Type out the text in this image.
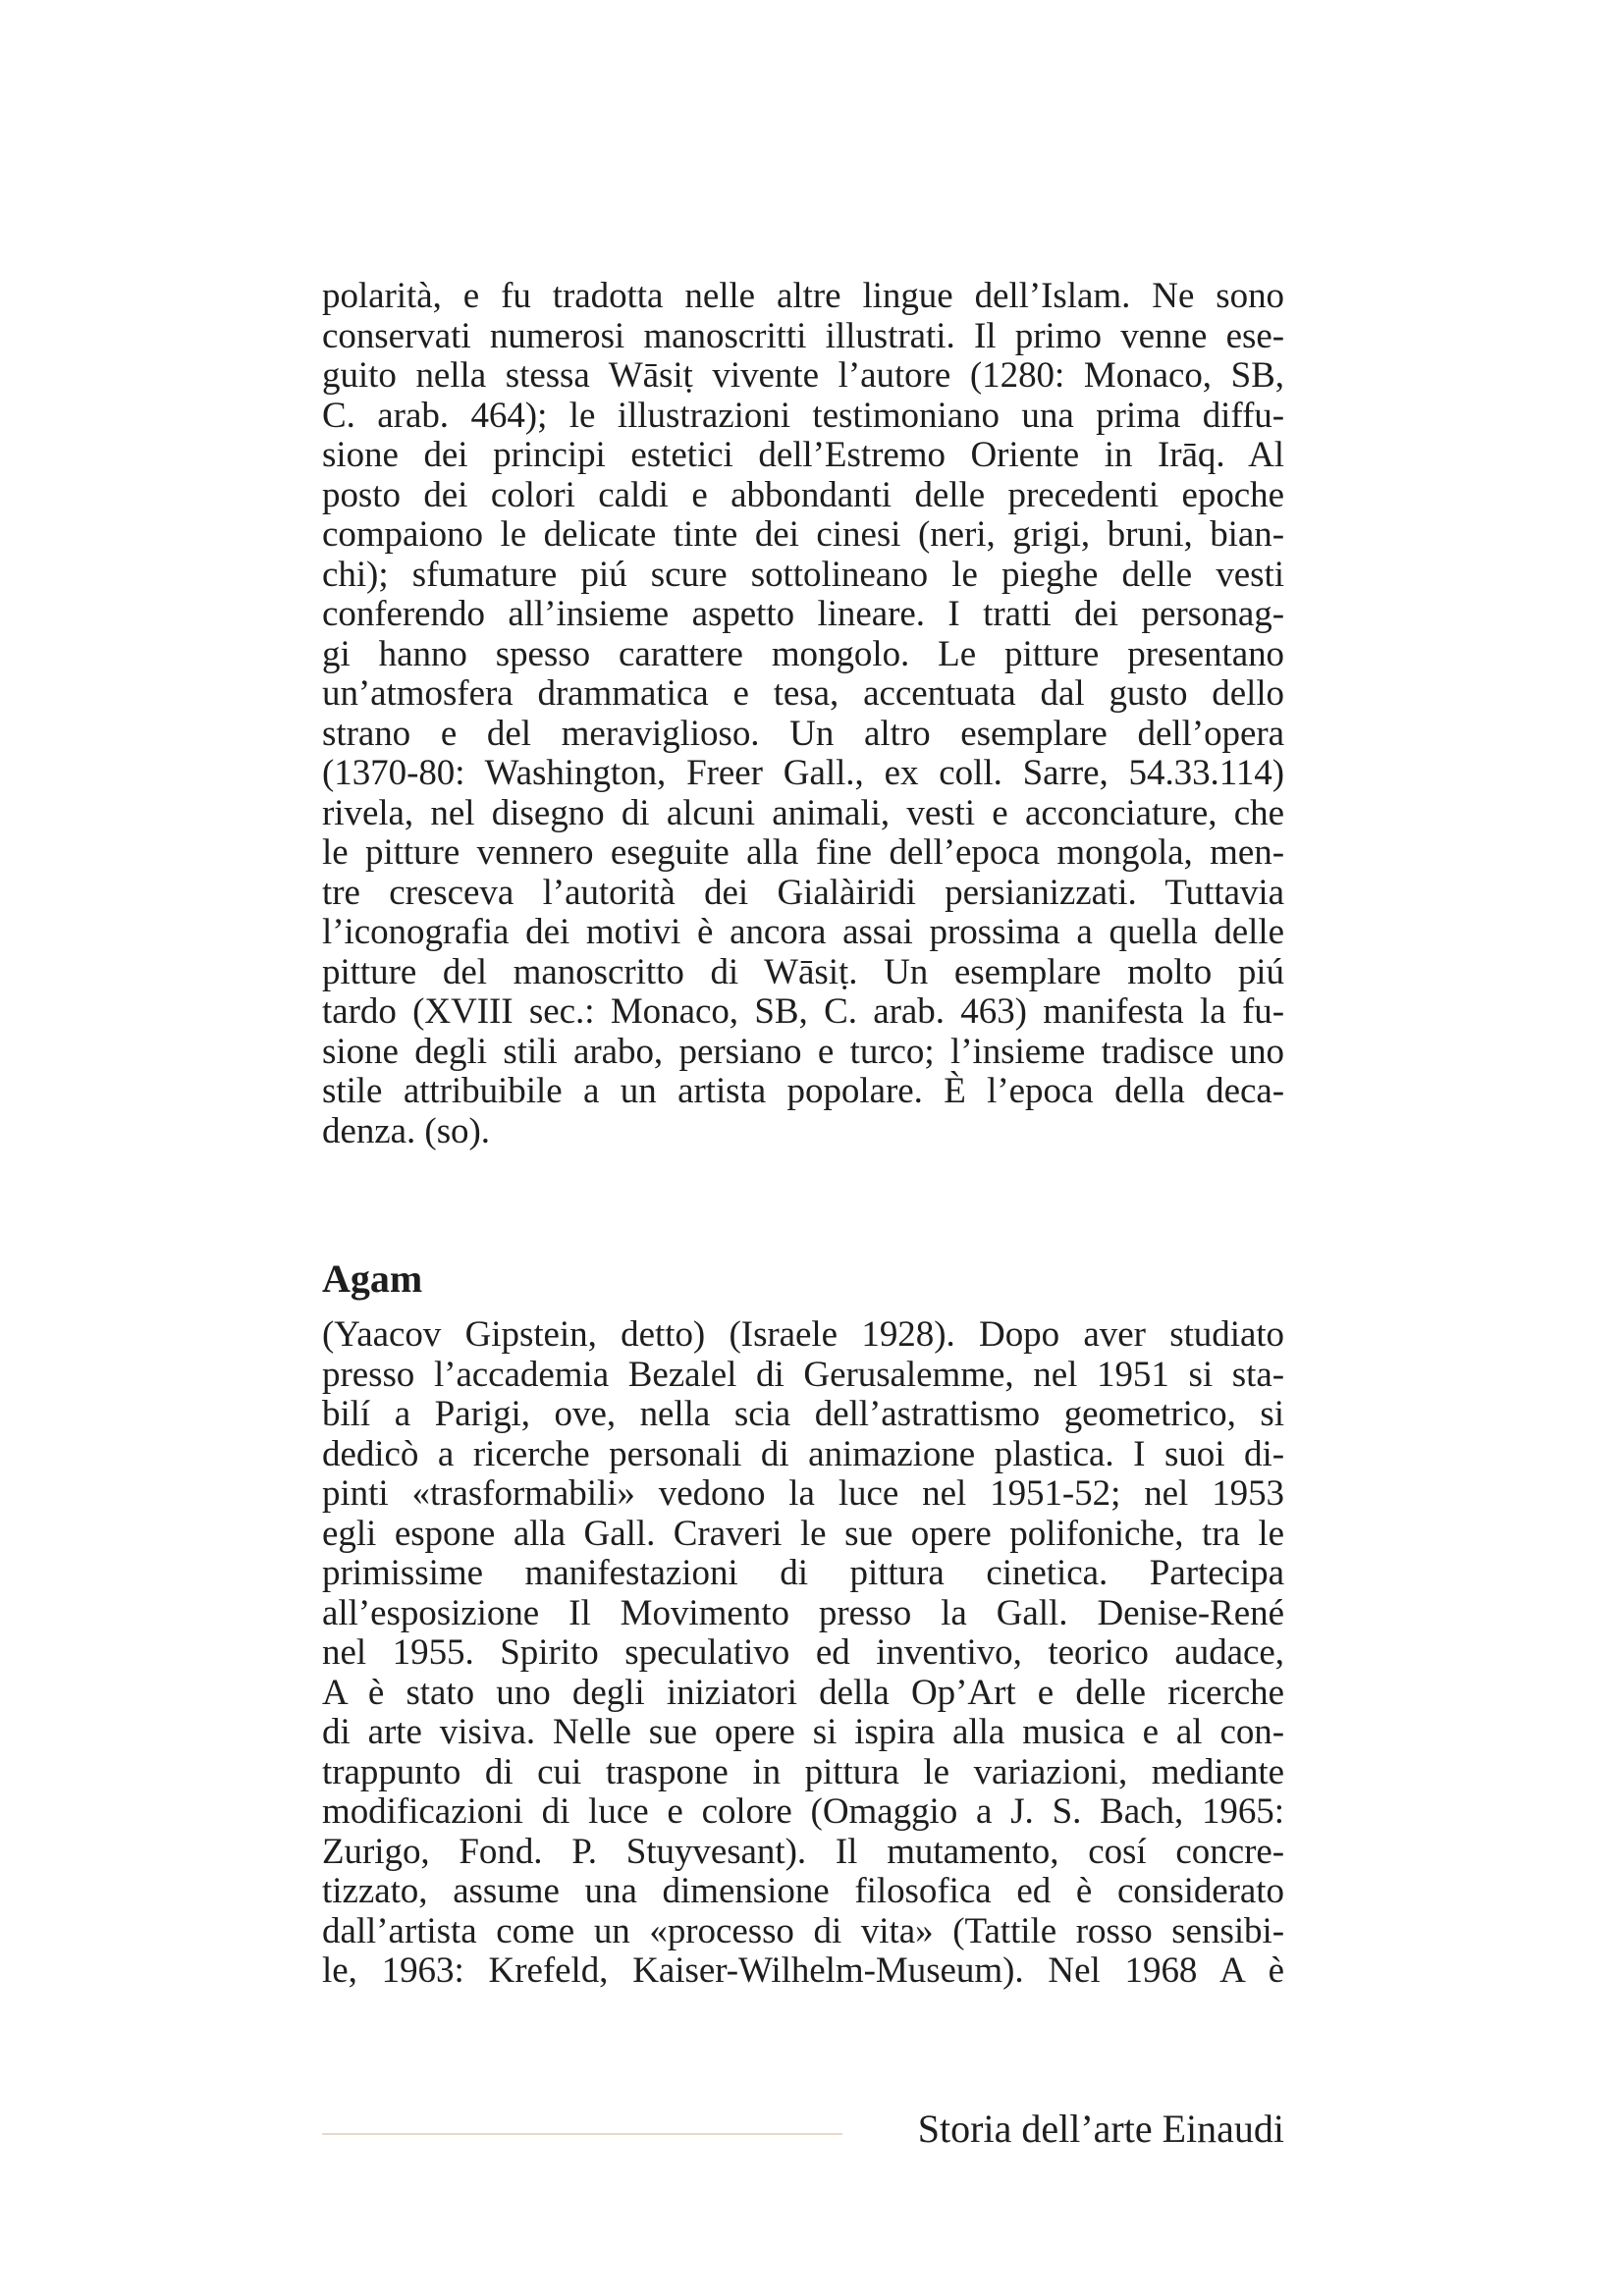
polarità, e fu tradotta nelle altre lingue dell’Islam. Ne sono
conservati numerosi manoscritti illustrati. Il primo venne ese-
guito nella stessa Wāsiṭ vivente l’autore (1280: Monaco, SB,
C. arab. 464); le illustrazioni testimoniano una prima diffu-
sione dei principi estetici dell’Estremo Oriente in Irāq. Al
posto dei colori caldi e abbondanti delle precedenti epoche
compaiono le delicate tinte dei cinesi (neri, grigi, bruni, bian-
chi); sfumature piú scure sottolineano le pieghe delle vesti
conferendo all’insieme aspetto lineare. I tratti dei personag-
gi hanno spesso carattere mongolo. Le pitture presentano
un’atmosfera drammatica e tesa, accentuata dal gusto dello
strano e del meraviglioso. Un altro esemplare dell’opera
(1370-80: Washington, Freer Gall., ex coll. Sarre, 54.33.114)
rivela, nel disegno di alcuni animali, vesti e acconciature, che
le pitture vennero eseguite alla fine dell’epoca mongola, men-
tre cresceva l’autorità dei Gialàiridi persianizzati. Tuttavia
l’iconografia dei motivi è ancora assai prossima a quella delle
pitture del manoscritto di Wāsiṭ. Un esemplare molto piú
tardo (XVIII sec.: Monaco, SB, C. arab. 463) manifesta la fu-
sione degli stili arabo, persiano e turco; l’insieme tradisce uno
stile attribuibile a un artista popolare. È l’epoca della deca-
denza. (so).
Agam
(Yaacov Gipstein, detto) (Israele 1928). Dopo aver studiato
presso l’accademia Bezalel di Gerusalemme, nel 1951 si sta-
bilí a Parigi, ove, nella scia dell’astrattismo geometrico, si
dedicò a ricerche personali di animazione plastica. I suoi di-
pinti «trasformabili» vedono la luce nel 1951-52; nel 1953
egli espone alla Gall. Craveri le sue opere polifoniche, tra le
primissime manifestazioni di pittura cinetica. Partecipa
all’esposizione Il Movimento presso la Gall. Denise-René
nel 1955. Spirito speculativo ed inventivo, teorico audace,
A è stato uno degli iniziatori della Op’Art e delle ricerche
di arte visiva. Nelle sue opere si ispira alla musica e al con-
trappunto di cui traspone in pittura le variazioni, mediante
modificazioni di luce e colore (Omaggio a J. S. Bach, 1965:
Zurigo, Fond. P. Stuyvesant). Il mutamento, cosí concre-
tizzato, assume una dimensione filosofica ed è considerato
dall’artista come un «processo di vita» (Tattile rosso sensibi-
le, 1963: Krefeld, Kaiser-Wilhelm-Museum). Nel 1968 A è
Storia dell’arte Einaudi
